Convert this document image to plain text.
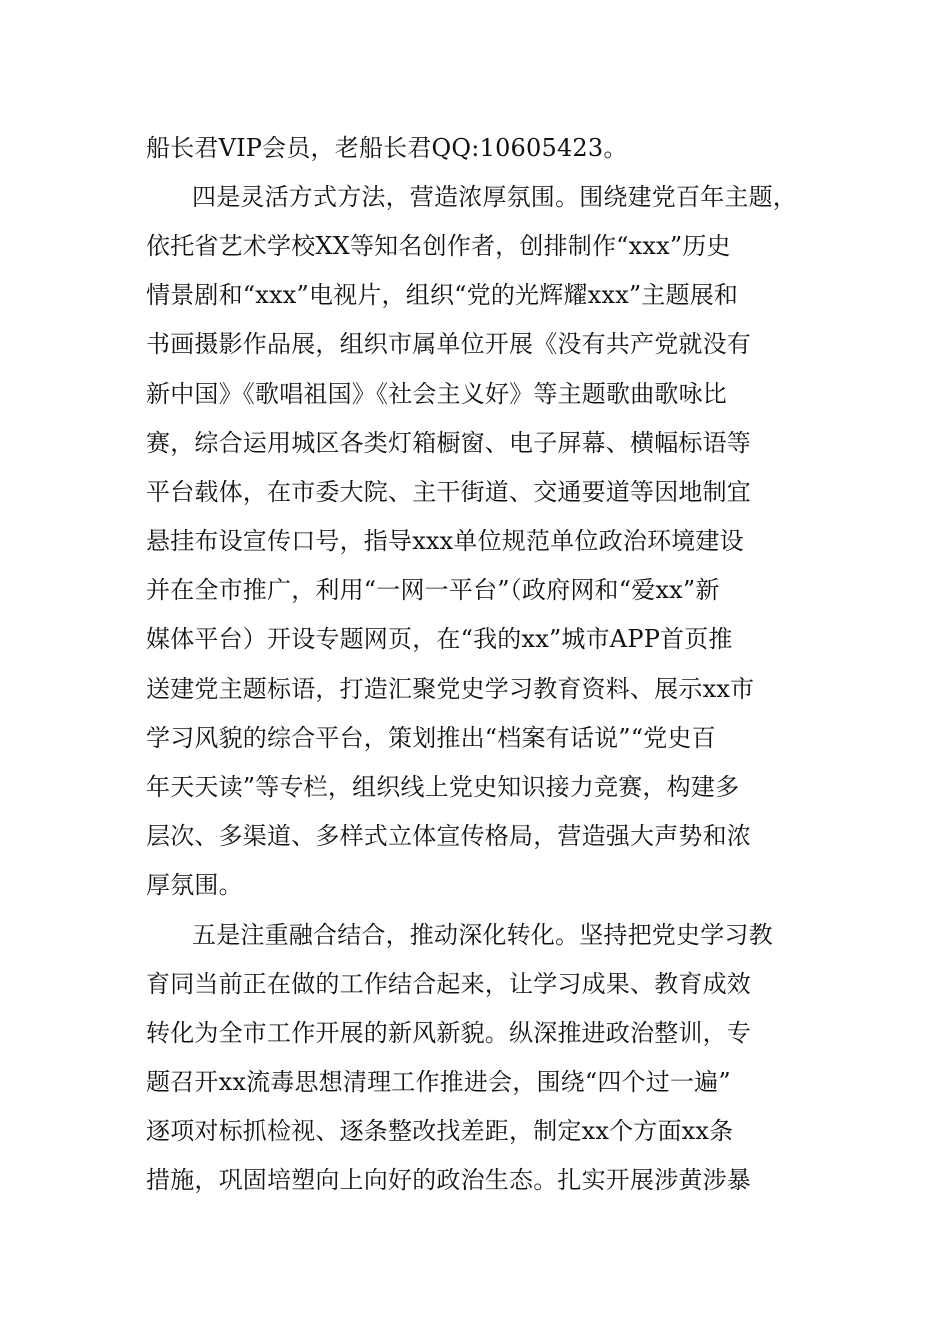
船长君VIP会员，老船长君QQ:10605423。
四是灵活方式方法，营造浓厚氛围。围绕建党百年主题，
依托省艺术学校XX等知名创作者，创排制作“xxx”历史
情景剧和“xxx”电视片，组织“党的光辉耀xxx”主题展和
书画摄影作品展，组织市属单位开展《没有共产党就没有
新中国》《歌唱祖国》《社会主义好》等主题歌曲歌咏比
赛，综合运用城区各类灯箱橱窗、电子屏幕、横幅标语等
平台载体，在市委大院、主干街道、交通要道等因地制宜
悬挂布设宣传口号，指导xxx单位规范单位政治环境建设
并在全市推广，利用“一网一平台”（政府网和“爱xx”新
媒体平台）开设专题网页，在“我的xx”城市APP首页推
送建党主题标语，打造汇聚党史学习教育资料、展示xx市
学习风貌的综合平台，策划推出“档案有话说”“党史百
年天天读”等专栏，组织线上党史知识接力竞赛，构建多
层次、多渠道、多样式立体宣传格局，营造强大声势和浓
厚氛围。
五是注重融合结合，推动深化转化。坚持把党史学习教
育同当前正在做的工作结合起来，让学习成果、教育成效
转化为全市工作开展的新风新貌。纵深推进政治整训，专
题召开xx流毒思想清理工作推进会，围绕“四个过一遍”
逐项对标抓检视、逐条整改找差距，制定xx个方面xx条
措施，巩固培塑向上向好的政治生态。扎实开展涉黄涉暴
